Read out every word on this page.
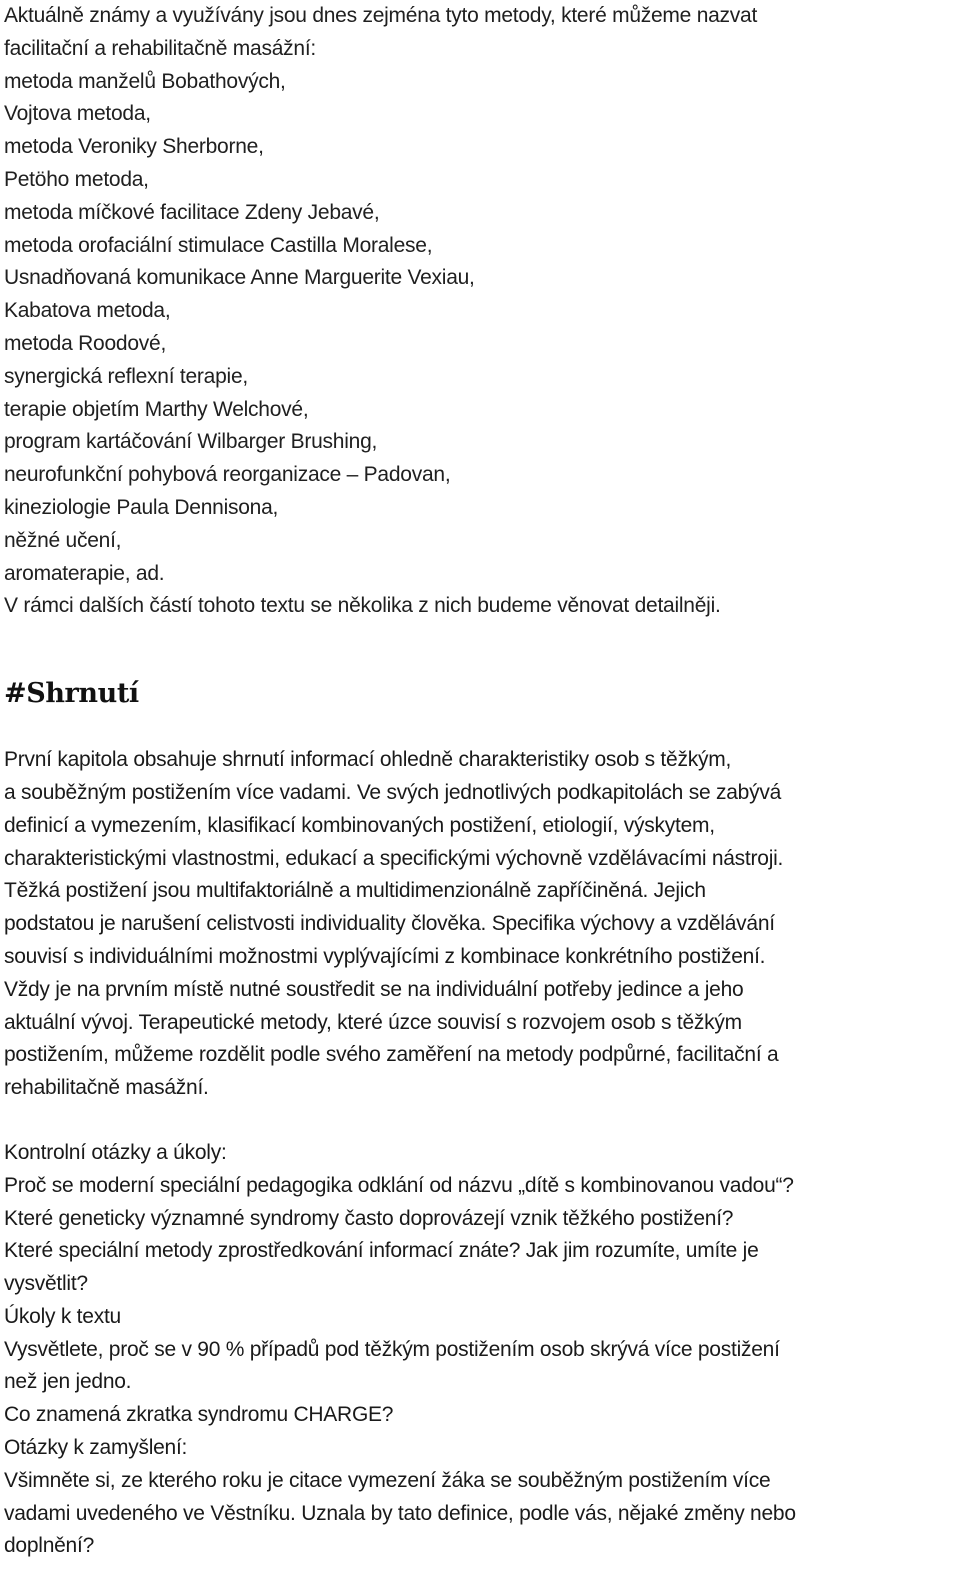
Aktuálně známy a využívány jsou dnes zejména tyto metody, které můžeme nazvat

facilitační a rehabilitačně masážní:

metoda manželů Bobathových,

Vojtova metoda,

metoda Veroniky Sherborne,

Petöho metoda,

metoda míčkové facilitace Zdeny Jebavé,

metoda orofaciální stimulace Castilla Moralese,

Usnadňovaná komunikace Anne Marguerite Vexiau,

Kabatova metoda,

metoda Roodové,

synergická reflexní terapie,

terapie objetím Marthy Welchové,

program kartáčování Wilbarger Brushing,

neurofunkční pohybová reorganizace – Padovan,

kineziologie Paula Dennisona,

něžné učení,

aromaterapie, ad.

V rámci dalších částí tohoto textu se několika z nich budeme věnovat detailněji.

#Shrnutí

První kapitola obsahuje shrnutí informací ohledně charakteristiky osob s těžkým,

a souběžným postižením více vadami. Ve svých jednotlivých podkapitolách se zabývá

definicí a vymezením, klasifikací kombinovaných postižení, etiologií, výskytem,

charakteristickými vlastnostmi, edukací a specifickými výchovně vzdělávacími nástroji.

Těžká postižení jsou multifaktoriálně a multidimenzionálně zapříčiněná. Jejich

podstatou je narušení celistvosti individuality člověka. Specifika výchovy a vzdělávání

souvisí s individuálními možnostmi vyplývajícími z kombinace konkrétního postižení.

Vždy je na prvním místě nutné soustředit se na individuální potřeby jedince a jeho

aktuální vývoj. Terapeutické metody, které úzce souvisí s rozvojem osob s těžkým

postižením, můžeme rozdělit podle svého zaměření na metody podpůrné, facilitační a

rehabilitačně masážní.

Kontrolní otázky a úkoly:

Proč se moderní speciální pedagogika odklání od názvu „dítě s kombinovanou vadou“?

Které geneticky významné syndromy často doprovázejí vznik těžkého postižení?

Které speciální metody zprostředkování informací znáte? Jak jim rozumíte, umíte je

vysvětlit?

Úkoly k textu

Vysvětlete, proč se v 90 % případů pod těžkým postižením osob skrývá více postižení

než jen jedno.

Co znamená zkratka syndromu CHARGE?

Otázky k zamyšlení:

Všimněte si, ze kterého roku je citace vymezení žáka se souběžným postižením více

vadami uvedeného ve Věstníku. Uznala by tato definice, podle vás, nějaké změny nebo

doplnění?
